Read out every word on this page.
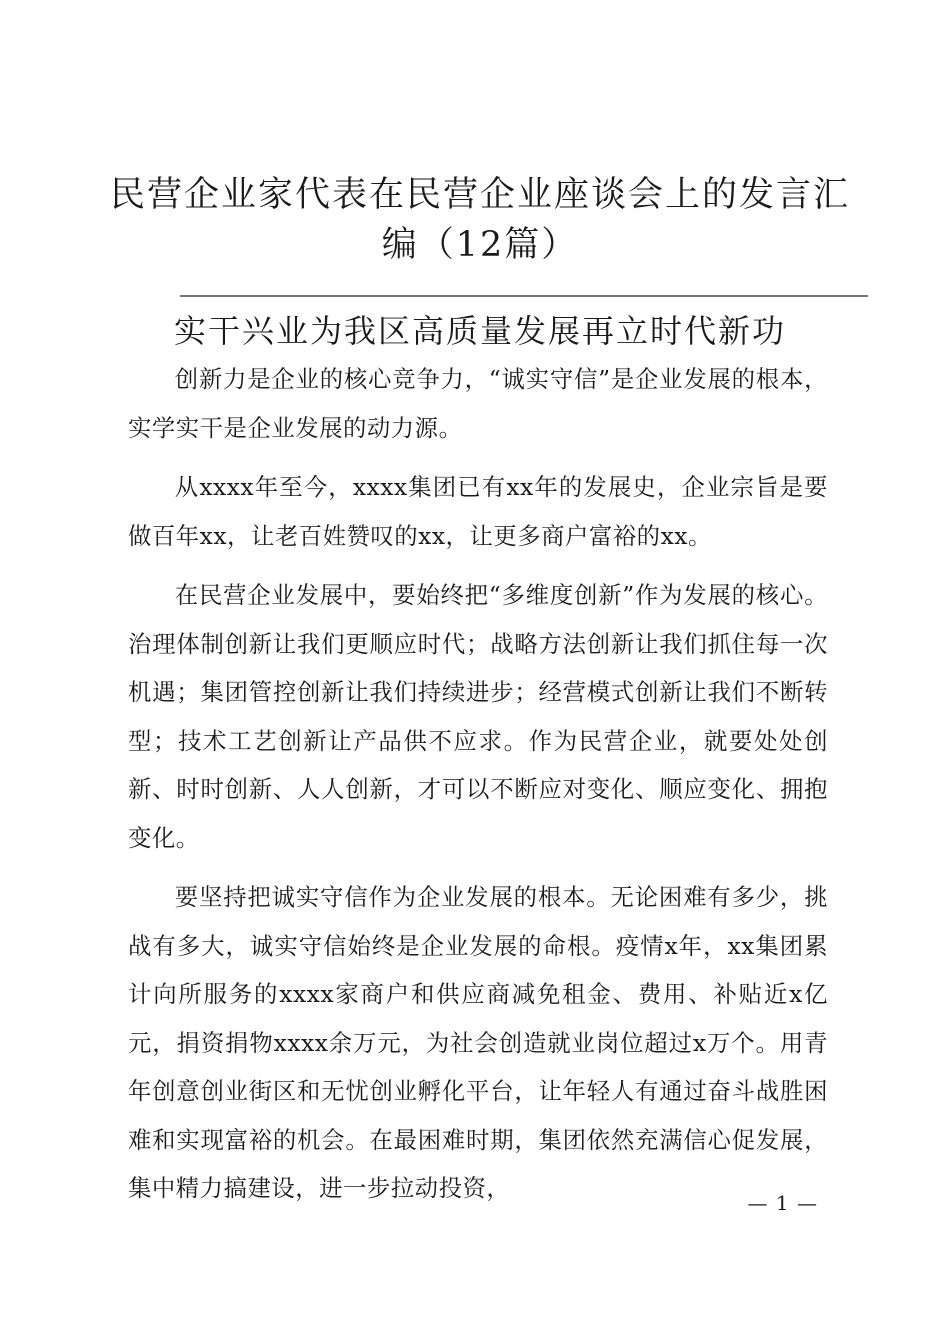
民营企业家代表在民营企业座谈会上的发言汇编（12篇）
实干兴业为我区高质量发展再立时代新功

创新力是企业的核心竞争力，“诚实守信”是企业发展的根本，实学实干是企业发展的动力源。

从xxxx年至今，xxxx集团已有xx年的发展史，企业宗旨是要做百年xx，让老百姓赞叹的xx，让更多商户富裕的xx。

在民营企业发展中，要始终把“多维度创新”作为发展的核心。治理体制创新让我们更顺应时代；战略方法创新让我们抓住每一次机遇；集团管控创新让我们持续进步；经营模式创新让我们不断转型；技术工艺创新让产品供不应求。作为民营企业，就要处处创新、时时创新、人人创新，才可以不断应对变化、顺应变化、拥抱变化。

要坚持把诚实守信作为企业发展的根本。无论困难有多少，挑战有多大，诚实守信始终是企业发展的命根。疫情x年，xx集团累计向所服务的xxxx家商户和供应商减免租金、费用、补贴近x亿元，捐资捐物xxxx余万元，为社会创造就业岗位超过x万个。用青年创意创业街区和无忧创业孵化平台，让年轻人有通过奋斗战胜困难和实现富裕的机会。在最困难时期，集团依然充满信心促发展，集中精力搞建设，进一步拉动投资，

— 1 —
